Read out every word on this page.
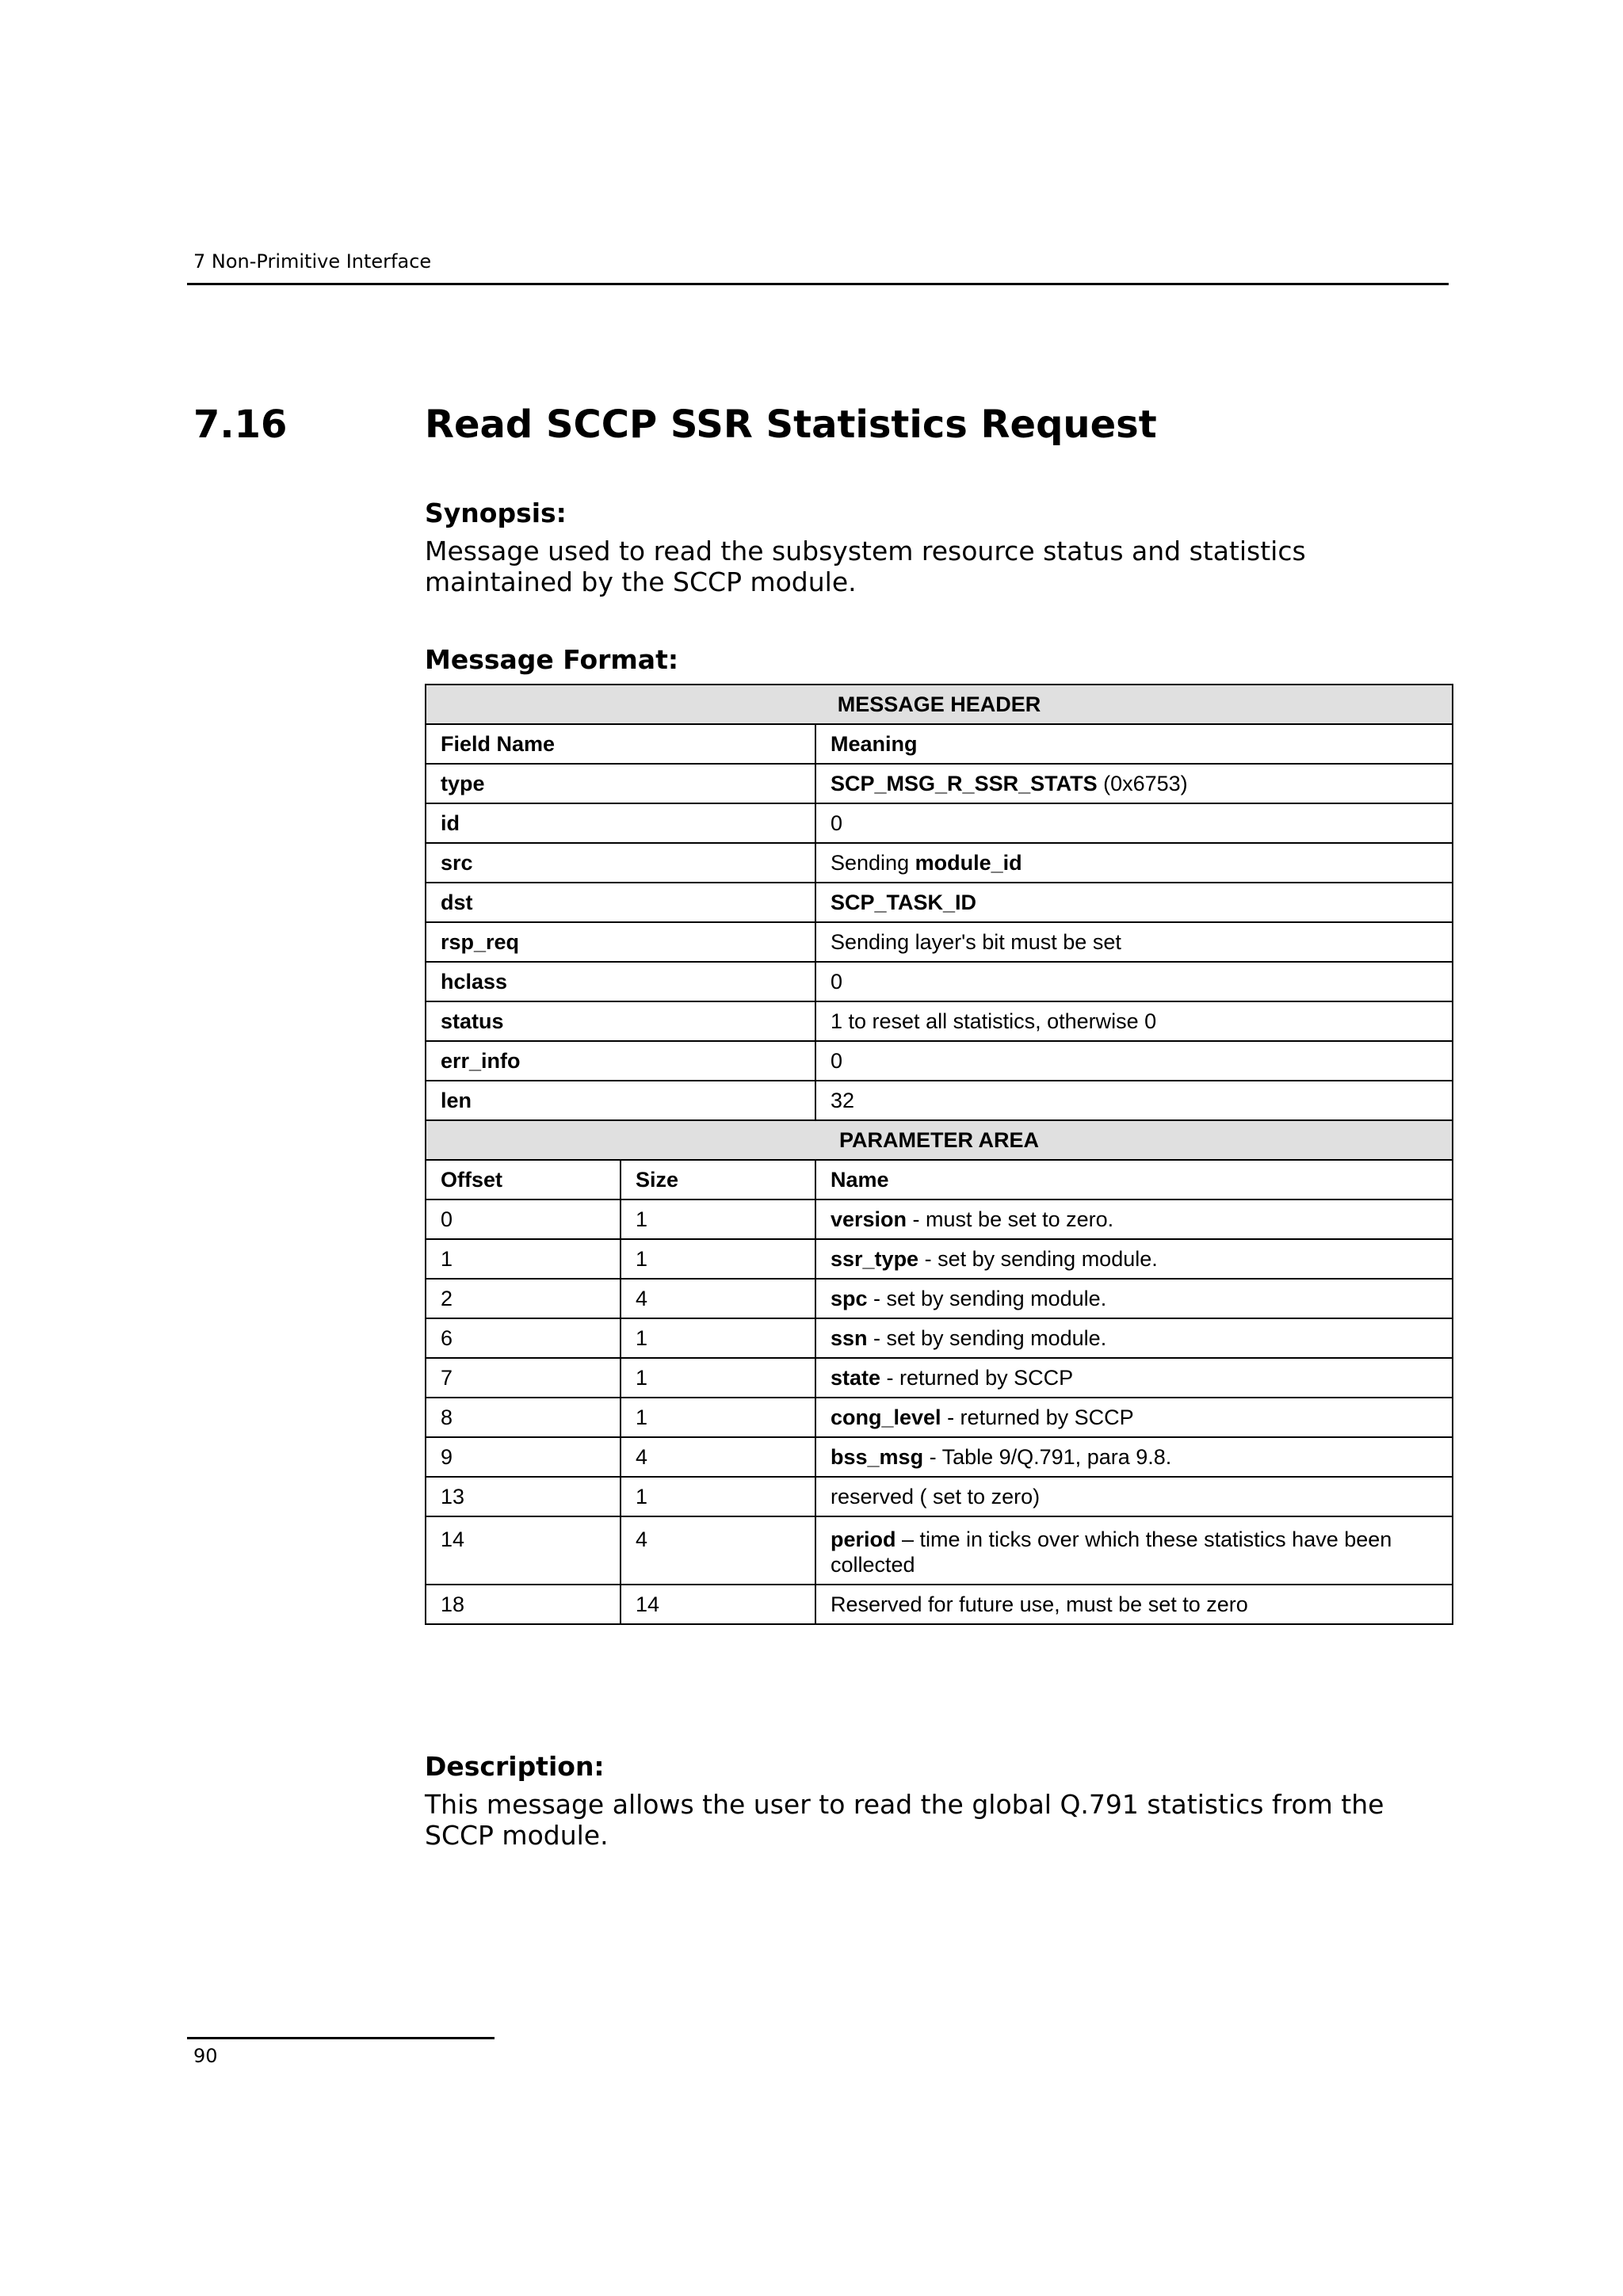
7 Non-Primitive Interface
7.16	Read SCCP SSR Statistics Request
Synopsis:
Message used to read the subsystem resource status and statistics maintained by the SCCP module.
Message Format:
MESSAGE HEADER		
Field Name		Meaning
type		SCP_MSG_R_SSR_STATS (0x6753)
id		0
src		Sending module_id
dst		SCP_TASK_ID
rsp_req		Sending layer's bit must be set
hclass		0
status		1 to reset all statistics, otherwise 0
err_info		0
len		32
PARAMETER AREA		
Offset	Size	Name
0	1	version - must be set to zero.
1	1	ssr_type - set by sending module.
2	4	spc - set by sending module.
6	1	ssn - set by sending module.
7	1	state - returned by SCCP
8	1	cong_level - returned by SCCP
9	4	bss_msg - Table 9/Q.791, para 9.8.
13	1	reserved ( set to zero)
14	4	period – time in ticks over which these statistics have been collected
18	14	Reserved for future use, must be set to zero
Description:
This message allows the user to read the global Q.791 statistics from the SCCP module.
90
